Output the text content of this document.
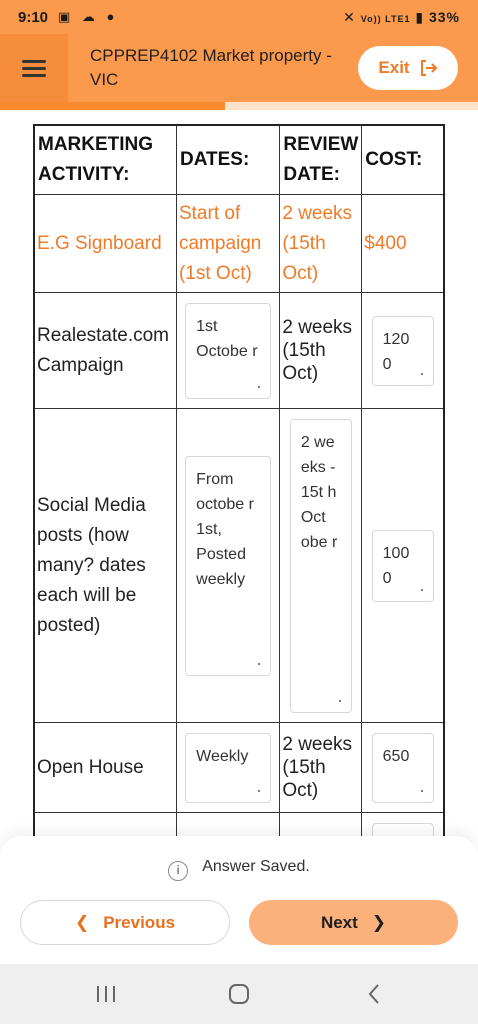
9:10 ▣ ☁ ●	✕ Vo)) LTE1 ▮ 33%
CPPREP4102 Market property - VIC
Exit
MARKETING ACTIVITY:	DATES:	REVIEW DATE:	COST:
E.G Signboard	Start of campaign (1st Oct)	2 weeks (15th Oct)	$400
Realestate.com Campaign	1st Octobe r	2 weeks (15th Oct)	120 0

Social Media posts (how many? dates each will be posted)	From octobe r 1st, Posted weekly	2 we eks - 15t h Oct obe r	100 0

Open House	Weekly	2 weeks (15th Oct)	650

i Answer Saved.
❮ Previous	Next ❯
